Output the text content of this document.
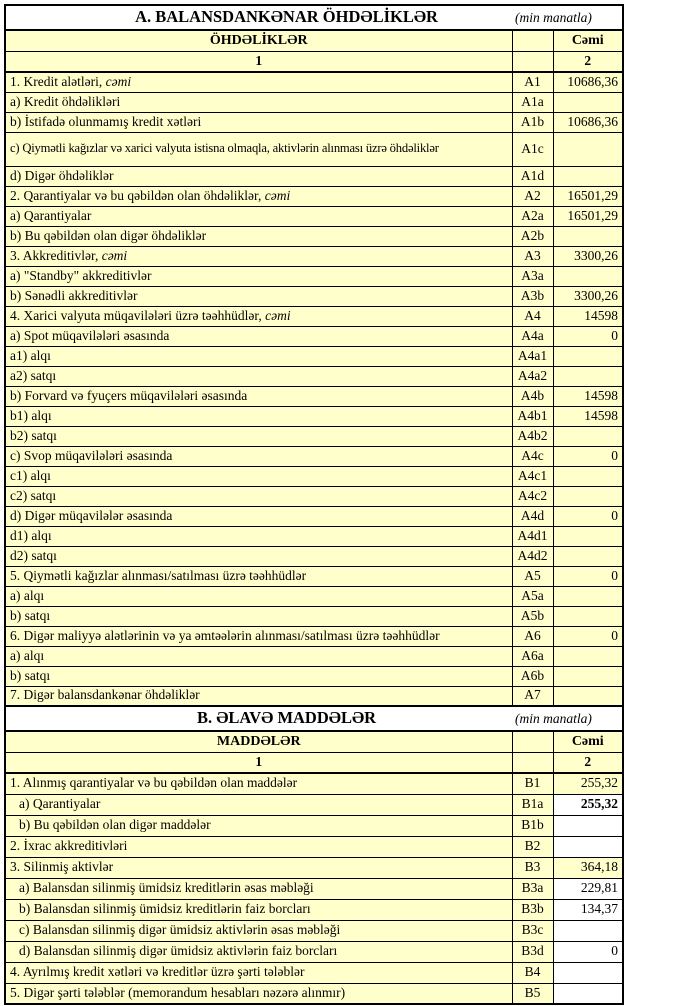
A. BALANSDANKƏNAR ÖHDƏLİKLƏR (min manatla)		

ÖHDƏLİKLƏR		Cəmi
1		2
1. Kredit alətləri, cəmi	A1	10686,36
a) Kredit öhdəlikləri	A1a	
b) İstifadə olunmamış kredit xətləri	A1b	10686,36
c) Qiymətli kağızlar və xarici valyuta istisna olmaqla, aktivlərin alınması üzrə öhdəliklər	A1c	
d) Digər öhdəliklər	A1d	
2. Qarantiyalar və bu qəbildən olan öhdəliklər, cəmi	A2	16501,29
a) Qarantiyalar	A2a	16501,29
b) Bu qəbildən olan digər öhdəliklər	A2b	
3. Akkreditivlər, cəmi	A3	3300,26
a) "Standby" akkreditivlər	A3a	
b) Sənədli akkreditivlər	A3b	3300,26
4. Xarici valyuta müqavilələri üzrə təəhhüdlər, cəmi	A4	14598
a) Spot müqavilələri əsasında	A4a	0
a1) alqı	A4a1	
a2) satqı	A4a2	
b) Forvard və fyuçers müqavilələri əsasında	A4b	14598
b1) alqı	A4b1	14598
b2) satqı	A4b2	
c) Svop müqavilələri əsasında	A4c	0
c1) alqı	A4c1	
c2) satqı	A4c2	
d) Digər müqavilələr əsasında	A4d	0
d1) alqı	A4d1	
d2) satqı	A4d2	
5. Qiymətli kağızlar alınması/satılması üzrə təəhhüdlər	A5	0
a) alqı	A5a	
b) satqı	A5b	
6. Digər maliyyə alətlərinin və ya əmtəələrin alınması/satılması üzrə təəhhüdlər	A6	0
a) alqı	A6a	
b) satqı	A6b	
7. Digər balansdankənar öhdəliklər	A7	

B. ƏLAVƏ MADDƏLƏR (min manatla)		

MADDƏLƏR		Cəmi
1		2
1. Alınmış qarantiyalar və bu qəbildən olan maddələr	B1	255,32
a) Qarantiyalar	B1a	255,32
b) Bu qəbildən olan digər maddələr	B1b	
2. İxrac akkreditivləri	B2	
3. Silinmiş aktivlər	B3	364,18
a) Balansdan silinmiş ümidsiz kreditlərin əsas məbləği	B3a	229,81
b) Balansdan silinmiş ümidsiz kreditlərin faiz borcları	B3b	134,37
c) Balansdan silinmiş digər ümidsiz aktivlərin əsas məbləği	B3c	
d) Balansdan silinmiş digər ümidsiz aktivlərin faiz borcları	B3d	0
4. Ayrılmış kredit xətləri və kreditlər üzrə şərti tələblər	B4	
5. Digər şərti tələblər (memorandum hesabları nəzərə alınmır)	B5	
